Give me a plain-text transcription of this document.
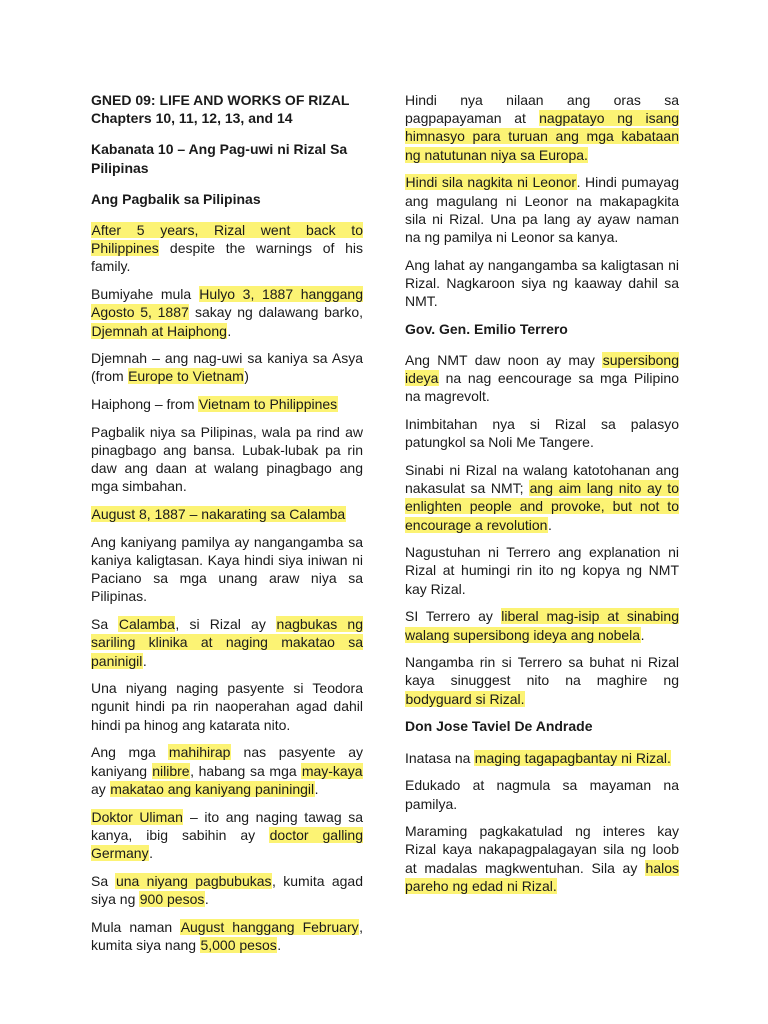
GNED 09: LIFE AND WORKS OF RIZAL Chapters 10, 11, 12, 13, and 14

Kabanata 10 – Ang Pag-uwi ni Rizal Sa Pilipinas

Ang Pagbalik sa Pilipinas

After 5 years, Rizal went back to Philippines despite the warnings of his family.

Bumiyahe mula Hulyo 3, 1887 hanggang Agosto 5, 1887 sakay ng dalawang barko, Djemnah at Haiphong.

Djemnah – ang nag-uwi sa kaniya sa Asya (from Europe to Vietnam)

Haiphong – from Vietnam to Philippines

Pagbalik niya sa Pilipinas, wala pa rind aw pinagbago ang bansa. Lubak-lubak pa rin daw ang daan at walang pinagbago ang mga simbahan.

August 8, 1887 – nakarating sa Calamba

Ang kaniyang pamilya ay nangangamba sa kaniya kaligtasan. Kaya hindi siya iniwan ni Paciano sa mga unang araw niya sa Pilipinas.

Sa Calamba, si Rizal ay nagbukas ng sariling klinika at naging makatao sa paninigil.

Una niyang naging pasyente si Teodora ngunit hindi pa rin naoperahan agad dahil hindi pa hinog ang katarata nito.

Ang mga mahihirap nas pasyente ay kaniyang nilibre, habang sa mga may-kaya ay makatao ang kaniyang paniningil.

Doktor Uliman – ito ang naging tawag sa kanya, ibig sabihin ay doctor galling Germany.

Sa una niyang pagbubukas, kumita agad siya ng 900 pesos.

Mula naman August hanggang February, kumita siya nang 5,000 pesos.

Hindi nya nilaan ang oras sa pagpapayaman at nagpatayo ng isang himnasyo para turuan ang mga kabataan ng natutunan niya sa Europa.

Hindi sila nagkita ni Leonor. Hindi pumayag ang magulang ni Leonor na makapagkita sila ni Rizal. Una pa lang ay ayaw naman na ng pamilya ni Leonor sa kanya.

Ang lahat ay nangangamba sa kaligtasan ni Rizal. Nagkaroon siya ng kaaway dahil sa NMT.

Gov. Gen. Emilio Terrero

Ang NMT daw noon ay may supersibong ideya na nag eencourage sa mga Pilipino na magrevolt.

Inimbitahan nya si Rizal sa palasyo patungkol sa Noli Me Tangere.

Sinabi ni Rizal na walang katotohanan ang nakasulat sa NMT; ang aim lang nito ay to enlighten people and provoke, but not to encourage a revolution.

Nagustuhan ni Terrero ang explanation ni Rizal at humingi rin ito ng kopya ng NMT kay Rizal.

SI Terrero ay liberal mag-isip at sinabing walang supersibong ideya ang nobela.

Nangamba rin si Terrero sa buhat ni Rizal kaya sinuggest nito na maghire ng bodyguard si Rizal.

Don Jose Taviel De Andrade

Inatasa na maging tagapagbantay ni Rizal.

Edukado at nagmula sa mayaman na pamilya.

Maraming pagkakatulad ng interes kay Rizal kaya nakapagpalagayan sila ng loob at madalas magkwentuhan. Sila ay halos pareho ng edad ni Rizal.
